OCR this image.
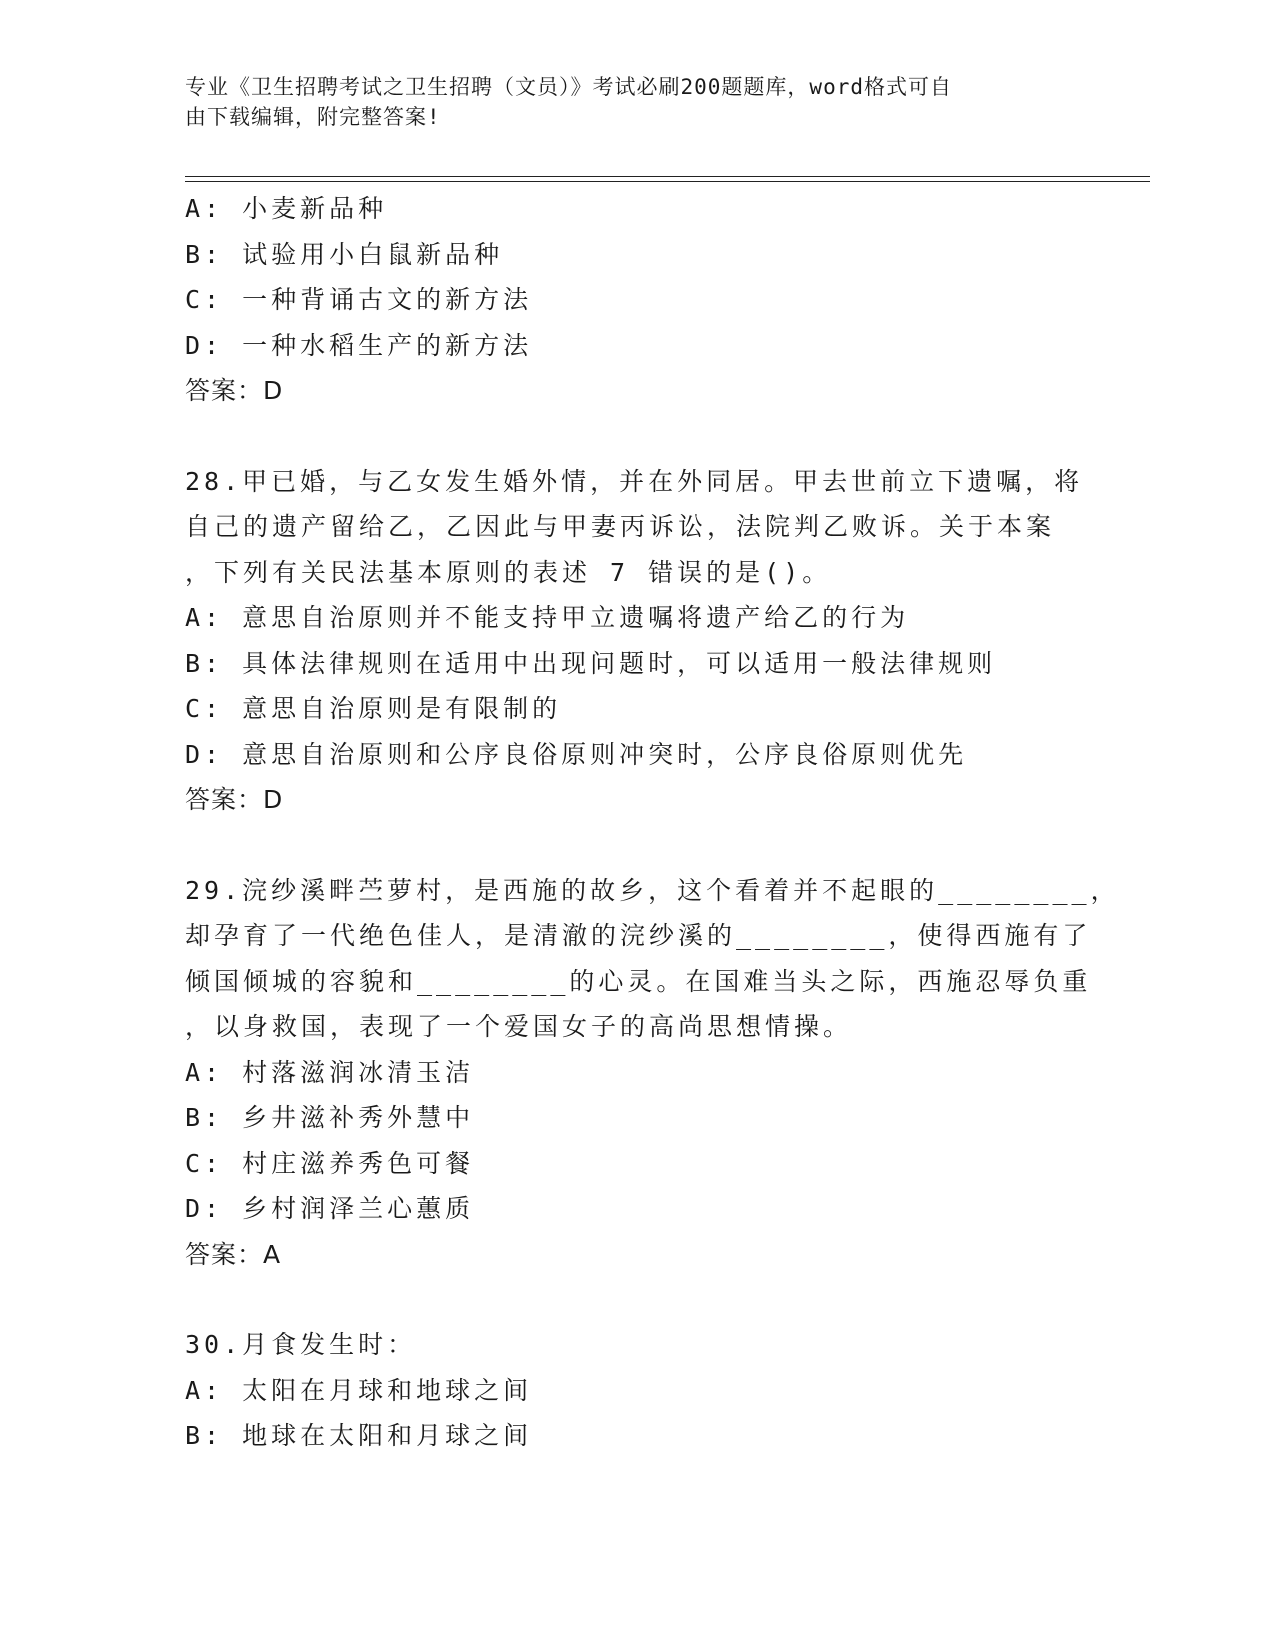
专业《卫生招聘考试之卫生招聘（文员）》考试必刷200题题库，word格式可自
由下载编辑，附完整答案!
A: 小麦新品种
B: 试验用小白鼠新品种
C: 一种背诵古文的新方法
D: 一种水稻生产的新方法
答案：D
28.甲已婚，与乙女发生婚外情，并在外同居。甲去世前立下遗嘱，将
自己的遗产留给乙，乙因此与甲妻丙诉讼，法院判乙败诉。关于本案
，下列有关民法基本原则的表述 7 错误的是()。
A: 意思自治原则并不能支持甲立遗嘱将遗产给乙的行为
B: 具体法律规则在适用中出现问题时，可以适用一般法律规则
C: 意思自治原则是有限制的
D: 意思自治原则和公序良俗原则冲突时，公序良俗原则优先
答案：D
29.浣纱溪畔苎萝村，是西施的故乡，这个看着并不起眼的________，
却孕育了一代绝色佳人，是清澈的浣纱溪的________，使得西施有了
倾国倾城的容貌和________的心灵。在国难当头之际，西施忍辱负重
，以身救国，表现了一个爱国女子的高尚思想情操。
A: 村落滋润冰清玉洁
B: 乡井滋补秀外慧中
C: 村庄滋养秀色可餐
D: 乡村润泽兰心蕙质
答案：A
30.月食发生时：
A: 太阳在月球和地球之间
B: 地球在太阳和月球之间
